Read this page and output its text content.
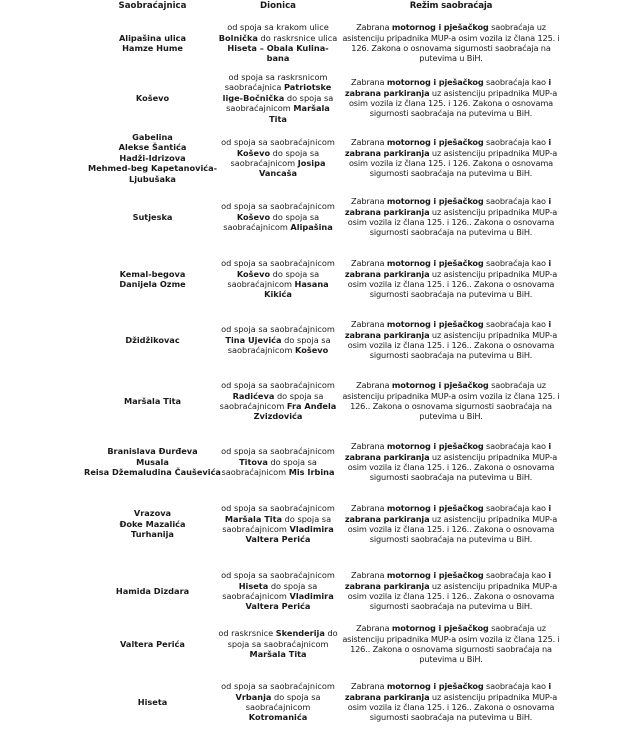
Saobraćajnica	Dionica	Režim saobraćaja
Alipašina ulica
Hamze Hume
od spoja sa krakom ulice Bolnička do raskrsnice ulica Hiseta – Obala Kulina-bana
Zabrana motornog i pješačkog saobraćaja uz asistenciju pripadnika MUP-a osim vozila iz člana 125. i 126. Zakona o osnovama sigurnosti saobraćaja na putevima u BiH.
Koševo
od spoja sa raskrsnicom saobraćajnica Patriotske lige-Bočnička do spoja sa saobraćajnicom Maršala Tita
Zabrana motornog i pješačkog saobraćaja kao i zabrana parkiranja uz asistenciju pripadnika MUP-a osim vozila iz člana 125. i 126. Zakona o osnovama sigurnosti saobraćaja na putevima u BiH.
Gabelina
Alekse Šantića
Hadži-Idrizova
Mehmed-beg Kapetanovića-
Ljubušaka
od spoja sa saobraćajnicom Koševo do spoja sa saobraćajnicom Josipa Vancaša
Zabrana motornog i pješačkog saobraćaja kao i zabrana parkiranja uz asistenciju pripadnika MUP-a osim vozila iz člana 125. i 126. Zakona o osnovama sigurnosti saobraćaja na putevima u BiH.
Sutjeska
od spoja sa saobraćajnicom Koševo do spoja sa saobraćajnicom Alipašina
Zabrana motornog i pješačkog saobraćaja kao i zabrana parkiranja uz asistenciju pripadnika MUP-a osim vozila iz člana 125. i 126.. Zakona o osnovama sigurnosti saobraćaja na putevima u BiH.
Kemal-begova
Danijela Ozme
od spoja sa saobraćajnicom Koševo do spoja sa saobraćajnicom Hasana Kikića
Zabrana motornog i pješačkog saobraćaja kao i zabrana parkiranja uz asistenciju pripadnika MUP-a osim vozila iz člana 125. i 126.. Zakona o osnovama sigurnosti saobraćaja na putevima u BiH.
Džidžikovac
od spoja sa saobraćajnicom Tina Ujevića do spoja sa saobraćajnicom Koševo
Zabrana motornog i pješačkog saobraćaja kao i zabrana parkiranja uz asistenciju pripadnika MUP-a osim vozila iz člana 125. i 126.. Zakona o osnovama sigurnosti saobraćaja na putevima u BiH.
Maršala Tita
od spoja sa saobraćajnicom Radićeva do spoja sa saobraćajnicom Fra Anđela Zvizdovića
Zabrana motornog i pješačkog saobraćaja uz asistenciju pripadnika MUP-a osim vozila iz člana 125. i 126.. Zakona o osnovama sigurnosti saobraćaja na putevima u BiH.
Branislava Đurđeva
Musala
Reisa Džemaludina Čauševića
od spoja sa saobraćajnicom Titova do spoja sa saobraćajnicom Mis Irbina
Zabrana motornog i pješačkog saobraćaja kao i zabrana parkiranja uz asistenciju pripadnika MUP-a osim vozila iz člana 125. i 126.. Zakona o osnovama sigurnosti saobraćaja na putevima u BiH.
Vrazova
Đoke Mazalića
Turhanija
od spoja sa saobraćajnicom Maršala Tita do spoja sa saobraćajnicom Vladimira Valtera Perića
Zabrana motornog i pješačkog saobraćaja kao i zabrana parkiranja uz asistenciju pripadnika MUP-a osim vozila iz člana 125. i 126.. Zakona o osnovama sigurnosti saobraćaja na putevima u BiH.
Hamida Dizdara
od spoja sa saobraćajnicom Hiseta do spoja sa saobraćajnicom Vladimira Valtera Perića
Zabrana motornog i pješačkog saobraćaja kao i zabrana parkiranja uz asistenciju pripadnika MUP-a osim vozila iz člana 125. i 126.. Zakona o osnovama sigurnosti saobraćaja na putevima u BiH.
Valtera Perića
od raskrsnice Skenderija do spoja sa saobraćajnicom Maršala Tita
Zabrana motornog i pješačkog saobraćaja uz asistenciju pripadnika MUP-a osim vozila iz člana 125. i 126.. Zakona o osnovama sigurnosti saobraćaja na putevima u BiH.
Hiseta
od spoja sa saobraćajnicom Vrbanja do spoja sa saobraćajnicom Kotromanića
Zabrana motornog i pješačkog saobraćaja kao i zabrana parkiranja uz asistenciju pripadnika MUP-a osim vozila iz člana 125. i 126.. Zakona o osnovama sigurnosti saobraćaja na putevima u BiH.
